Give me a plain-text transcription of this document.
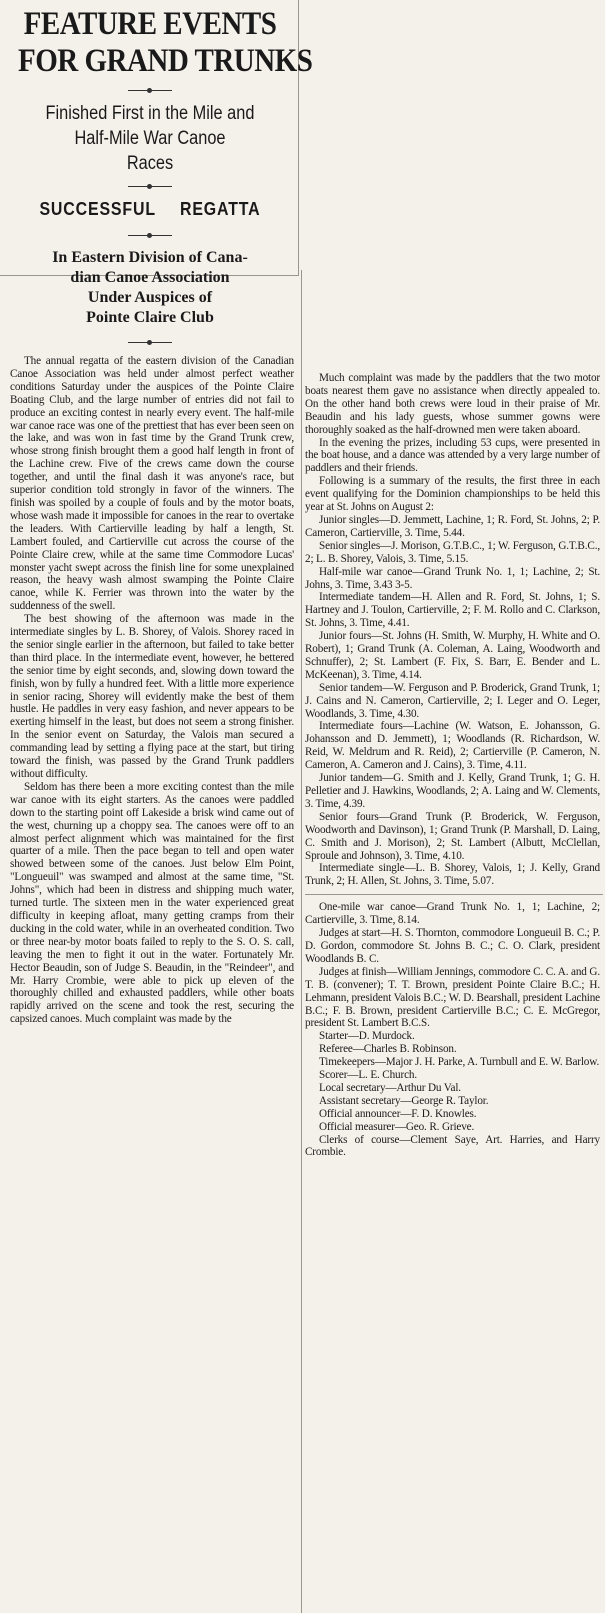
FEATURE EVENTS
FOR GRAND TRUNKS
Finished First in the Mile and
Half-Mile War Canoe
Races
SUCCESSFUL REGATTA
In Eastern Division of Cana-
dian Canoe Association
Under Auspices of
Pointe Claire Club

The annual regatta of the eastern division of the Canadian Canoe Association was held under almost perfect weather conditions Saturday under the auspices of the Pointe Claire Boating Club, and the large number of entries did not fail to produce an exciting contest in nearly every event. The half-mile war canoe race was one of the prettiest that has ever been seen on the lake, and was won in fast time by the Grand Trunk crew, whose strong finish brought them a good half length in front of the Lachine crew. Five of the crews came down the course together, and until the final dash it was anyone's race, but superior condition told strongly in favor of the winners. The finish was spoiled by a couple of fouls and by the motor boats, whose wash made it impossible for canoes in the rear to overtake the leaders. With Cartierville leading by half a length, St. Lambert fouled, and Cartierville cut across the course of the Pointe Claire crew, while at the same time Commodore Lucas' monster yacht swept across the finish line for some unexplained reason, the heavy wash almost swamping the Pointe Claire canoe, while K. Ferrier was thrown into the water by the suddenness of the swell.

The best showing of the afternoon was made in the intermediate singles by L. B. Shorey, of Valois. Shorey raced in the senior single earlier in the afternoon, but failed to take better than third place. In the intermediate event, however, he bettered the senior time by eight seconds, and, slowing down toward the finish, won by fully a hundred feet. With a little more experience in senior racing, Shorey will evidently make the best of them hustle. He paddles in very easy fashion, and never appears to be exerting himself in the least, but does not seem a strong finisher. In the senior event on Saturday, the Valois man secured a commanding lead by setting a flying pace at the start, but tiring toward the finish, was passed by the Grand Trunk paddlers without difficulty.

Seldom has there been a more exciting contest than the mile war canoe with its eight starters. As the canoes were paddled down to the starting point off Lakeside a brisk wind came out of the west, churning up a choppy sea. The canoes were off to an almost perfect alignment which was maintained for the first quarter of a mile. Then the pace began to tell and open water showed between some of the canoes. Just below Elm Point, "Longueuil" was swamped and almost at the same time, "St. Johns", which had been in distress and shipping much water, turned turtle. The sixteen men in the water experienced great difficulty in keeping afloat, many getting cramps from their ducking in the cold water, while in an overheated condition. Two or three near-by motor boats failed to reply to the S. O. S. call, leaving the men to fight it out in the water. Fortunately Mr. Hector Beaudin, son of Judge S. Beaudin, in the "Reindeer", and Mr. Harry Crombie, were able to pick up eleven of the thoroughly chilled and exhausted paddlers, while other boats rapidly arrived on the scene and took the rest, securing the capsized canoes. Much complaint was made by the

Much complaint was made by the paddlers that the two motor boats nearest them gave no assistance when directly appealed to. On the other hand both crews were loud in their praise of Mr. Beaudin and his lady guests, whose summer gowns were thoroughly soaked as the half-drowned men were taken aboard.

In the evening the prizes, including 53 cups, were presented in the boat house, and a dance was attended by a very large number of paddlers and their friends.

Following is a summary of the results, the first three in each event qualifying for the Dominion championships to be held this year at St. Johns on August 2:

Junior singles—D. Jemmett, Lachine, 1; R. Ford, St. Johns, 2; P. Cameron, Cartierville, 3. Time, 5.44.

Senior singles—J. Morison, G.T.B.C., 1; W. Ferguson, G.T.B.C., 2; L. B. Shorey, Valois, 3. Time, 5.15.

Half-mile war canoe—Grand Trunk No. 1, 1; Lachine, 2; St. Johns, 3. Time, 3.43 3-5.

Intermediate tandem—H. Allen and R. Ford, St. Johns, 1; S. Hartney and J. Toulon, Cartierville, 2; F. M. Rollo and C. Clarkson, St. Johns, 3. Time, 4.41.

Junior fours—St. Johns (H. Smith, W. Murphy, H. White and O. Robert), 1; Grand Trunk (A. Coleman, A. Laing, Woodworth and Schnuffer), 2; St. Lambert (F. Fix, S. Barr, E. Bender and L. McKeenan), 3. Time, 4.14.

Senior tandem—W. Ferguson and P. Broderick, Grand Trunk, 1; J. Cains and N. Cameron, Cartierville, 2; I. Leger and O. Leger, Woodlands, 3. Time, 4.30.

Intermediate fours—Lachine (W. Watson, E. Johansson, G. Johansson and D. Jemmett), 1; Woodlands (R. Richardson, W. Reid, W. Meldrum and R. Reid), 2; Cartierville (P. Cameron, N. Cameron, A. Cameron and J. Cains), 3. Time, 4.11.

Junior tandem—G. Smith and J. Kelly, Grand Trunk, 1; G. H. Pelletier and J. Hawkins, Woodlands, 2; A. Laing and W. Clements, 3. Time, 4.39.

Senior fours—Grand Trunk (P. Broderick, W. Ferguson, Woodworth and Davinson), 1; Grand Trunk (P. Marshall, D. Laing, C. Smith and J. Morison), 2; St. Lambert (Albutt, McClellan, Sproule and Johnson), 3. Time, 4.10.

Intermediate single—L. B. Shorey, Valois, 1; J. Kelly, Grand Trunk, 2; H. Allen, St. Johns, 3. Time, 5.07.

One-mile war canoe—Grand Trunk No. 1, 1; Lachine, 2; Cartierville, 3. Time, 8.14.

Judges at start—H. S. Thornton, commodore Longueuil B. C.; P. D. Gordon, commodore St. Johns B. C.; C. O. Clark, president Woodlands B. C.

Judges at finish—William Jennings, commodore C. C. A. and G. T. B. (convener); T. T. Brown, president Pointe Claire B.C.; H. Lehmann, president Valois B.C.; W. D. Bearshall, president Lachine B.C.; F. B. Brown, president Cartierville B.C.; C. E. McGregor, president St. Lambert B.C.S.

Starter—D. Murdock.

Referee—Charles B. Robinson.

Timekeepers—Major J. H. Parke, A. Turnbull and E. W. Barlow.

Scorer—L. E. Church.

Local secretary—Arthur Du Val.

Assistant secretary—George R. Taylor.

Official announcer—F. D. Knowles.

Official measurer—Geo. R. Grieve.

Clerks of course—Clement Saye, Art. Harries, and Harry Crombie.
